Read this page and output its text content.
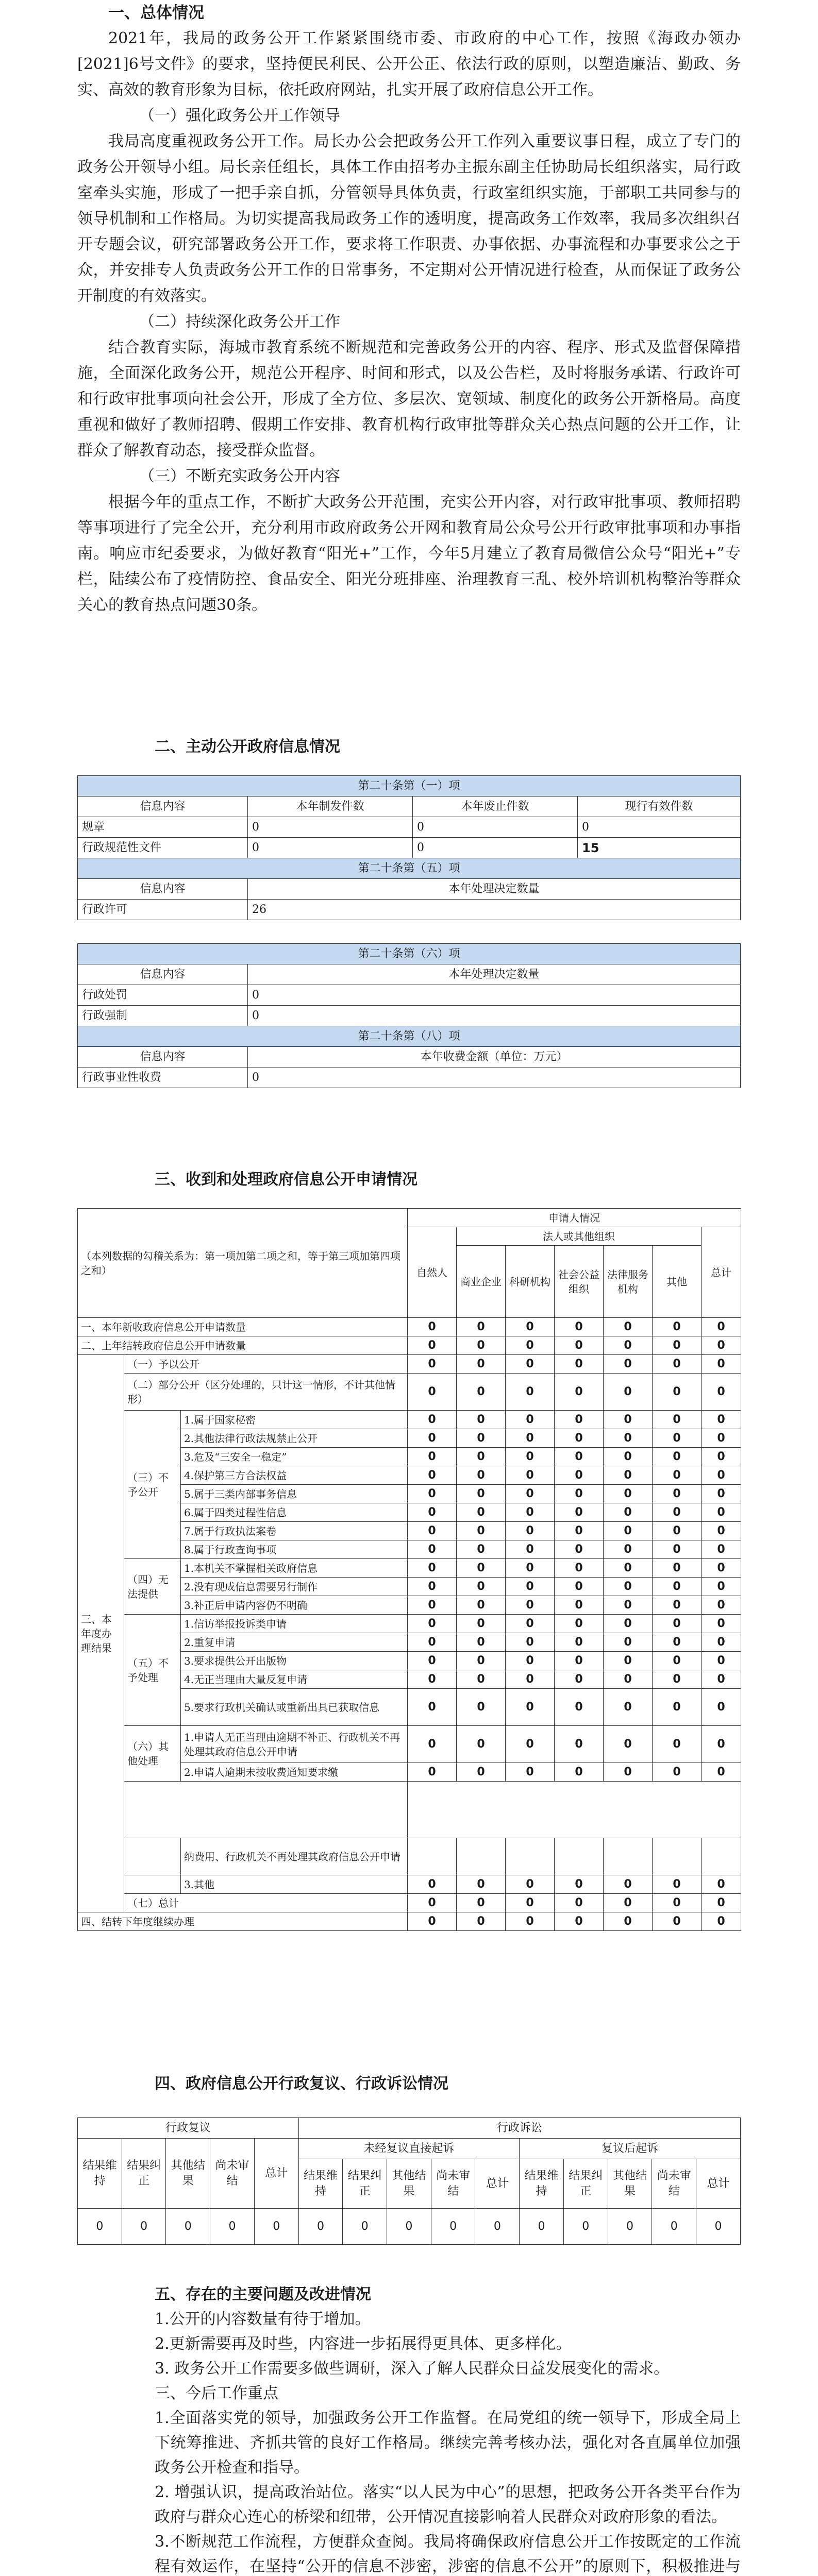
一、总体情况

2021年，我局的政务公开工作紧紧围绕市委、市政府的中心工作，按照《海政办领办[2021]6号文件》的要求，坚持便民利民、公开公正、依法行政的原则，以塑造廉洁、勤政、务实、高效的教育形象为目标，依托政府网站，扎实开展了政府信息公开工作。

（一）强化政务公开工作领导

我局高度重视政务公开工作。局长办公会把政务公开工作列入重要议事日程，成立了专门的政务公开领导小组。局长亲任组长，具体工作由招考办主振东副主任协助局长组织落实，局行政室牵头实施，形成了一把手亲自抓，分管领导具体负责，行政室组织实施，于部职工共同参与的领导机制和工作格局。为切实提高我局政务工作的透明度，提高政务工作效率，我局多次组织召开专题会议，研究部署政务公开工作，要求将工作职责、办事依据、办事流程和办事要求公之于众，并安排专人负责政务公开工作的日常事务，不定期对公开情况进行检查，从而保证了政务公开制度的有效落实。

（二）持续深化政务公开工作

结合教育实际，海城市教育系统不断规范和完善政务公开的内容、程序、形式及监督保障措施，全面深化政务公开，规范公开程序、时间和形式，以及公告栏，及时将服务承诺、行政许可和行政审批事项向社会公开，形成了全方位、多层次、宽领域、制度化的政务公开新格局。高度重视和做好了教师招聘、假期工作安排、教育机构行政审批等群众关心热点问题的公开工作，让群众了解教育动态，接受群众监督。

（三）不断充实政务公开内容

根据今年的重点工作，不断扩大政务公开范围，充实公开内容，对行政审批事项、教师招聘等事项进行了完全公开，充分利用市政府政务公开网和教育局公众号公开行政审批事项和办事指南。响应市纪委要求，为做好教育“阳光+”工作，今年5月建立了教育局微信公众号“阳光+”专栏，陆续公布了疫情防控、食品安全、阳光分班排座、治理教育三乱、校外培训机构整治等群众关心的教育热点问题30条。

二、主动公开政府信息情况
第二十条第（一）项			
信息内容	本年制发件数	本年废止件数	现行有效件数
规章	0	0	0
行政规范性文件	0	0	15
第二十条第（五）项			
信息内容	本年处理决定数量		
行政许可	26		
第二十条第（六）项	
信息内容	本年处理决定数量
行政处罚	0
行政强制	0
第二十条第（八）项	
信息内容	本年收费金额（单位：万元）
行政事业性收费	0
三、收到和处理政府信息公开申请情况
（本列数据的勾稽关系为：第一项加第二项之和，等于第三项加第四项之和）			申请人情况						
			自然人	法人或其他组织					总计
				商业企业	科研机构	社会公益组织	法律服务机构	其他	
一、本年新收政府信息公开申请数量			0	0	0	0	0	0	0
二、上年结转政府信息公开申请数量			0	0	0	0	0	0	0
三、本年度办理结果	（一）予以公开		0	0	0	0	0	0	0
	（二）部分公开（区分处理的，只计这一情形，不计其他情形）		0	0	0	0	0	0	0
	（三）不予公开	1.属于国家秘密	0	0	0	0	0	0	0
		2.其他法律行政法规禁止公开	0	0	0	0	0	0	0
		3.危及“三安全一稳定”	0	0	0	0	0	0	0
		4.保护第三方合法权益	0	0	0	0	0	0	0
		5.属于三类内部事务信息	0	0	0	0	0	0	0
		6.属于四类过程性信息	0	0	0	0	0	0	0
		7.属于行政执法案卷	0	0	0	0	0	0	0
		8.属于行政查询事项	0	0	0	0	0	0	0
	（四）无法提供	1.本机关不掌握相关政府信息	0	0	0	0	0	0	0
		2.没有现成信息需要另行制作	0	0	0	0	0	0	0
		3.补正后申请内容仍不明确	0	0	0	0	0	0	0
	（五）不予处理	1.信访举报投诉类申请	0	0	0	0	0	0	0
		2.重复申请	0	0	0	0	0	0	0
		3.要求提供公开出版物	0	0	0	0	0	0	0
		4.无正当理由大量反复申请	0	0	0	0	0	0	0
		5.要求行政机关确认或重新出具已获取信息	0	0	0	0	0	0	0
	（六）其他处理	1.申请人无正当理由逾期不补正、行政机关不再处理其政府信息公开申请	0	0	0	0	0	0	0
		2.申请人逾期未按收费通知要求缴	0	0	0	0	0	0	0

		纳费用、行政机关不再处理其政府信息公开申请							
		3.其他	0	0	0	0	0	0	0
	（七）总计		0	0	0	0	0	0	0
四、结转下年度继续办理			0	0	0	0	0	0	0
四、政府信息公开行政复议、行政诉讼情况
行政复议					行政诉讼									
结果维持	结果纠正	其他结果	尚未审结	总计	未经复议直接起诉					复议后起诉				
					结果维持	结果纠正	其他结果	尚未审结	总计	结果维持	结果纠正	其他结果	尚未审结	总计
0	0	0	0	0	0	0	0	0	0	0	0	0	0	0
五、存在的主要问题及改进情况

1.公开的内容数量有待于增加。

2.更新需要再及时些，内容进一步拓展得更具体、更多样化。

3. 政务公开工作需要多做些调研，深入了解人民群众日益发展变化的需求。

三、今后工作重点

1.全面落实党的领导，加强政务公开工作监督。在局党组的统一领导下，形成全局上下统筹推进、齐抓共管的良好工作格局。继续完善考核办法，强化对各直属单位加强政务公开检查和指导。

2. 增强认识，提高政治站位。落实“以人民为中心”的思想，把政务公开各类平台作为政府与群众心连心的桥梁和纽带，公开情况直接影响着人民群众对政府形象的看法。

3.不断规范工作流程，方便群众查阅。我局将确保政府信息公开工作按既定的工作流程有效运作，在坚持“公开的信息不涉密，涉密的信息不公开”的原则下，积极推进与
